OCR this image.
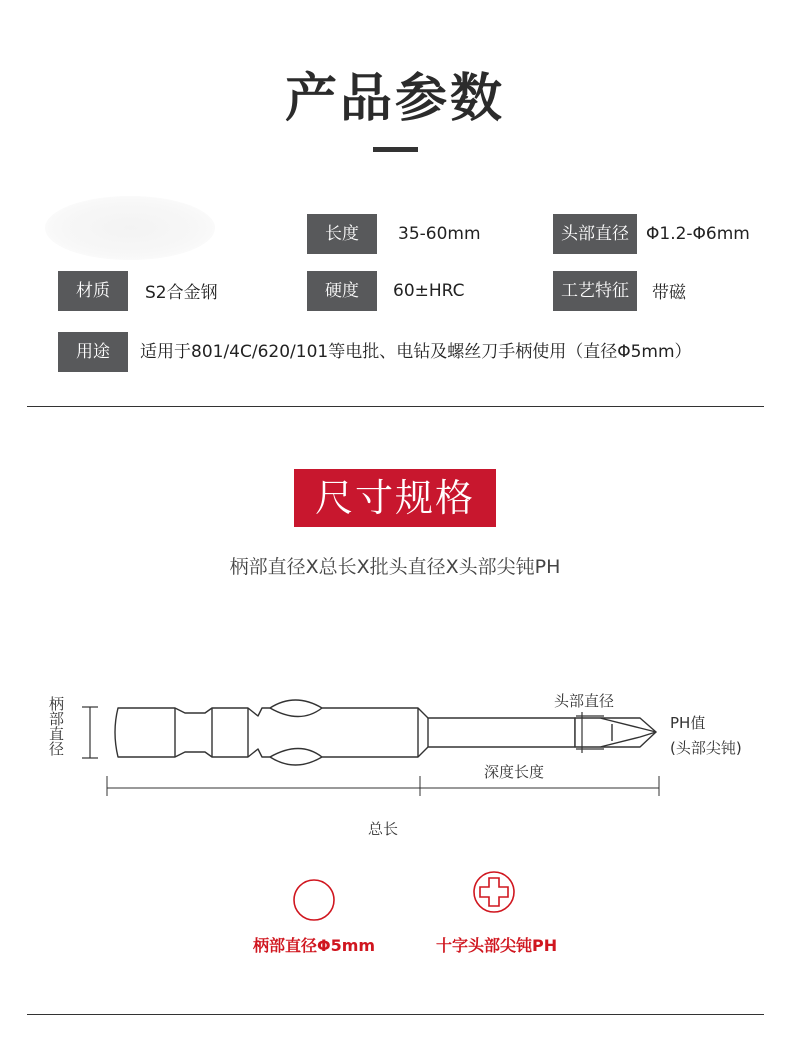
产品参数
长度	35-60mm	头部直径	Φ1.2-Φ6mm
材质	S2合金钢	硬度	60±HRC	工艺特征	带磁
用途	适用于801/4C/620/101等电批、电钻及螺丝刀手柄使用（直径Φ5mm）
尺寸规格
柄部直径X总长X批头直径X头部尖钝PH
柄部直径	头部直径
PH值
(头部尖钝)
深度长度
总长
柄部直径Φ5mm	十字头部尖钝PH
